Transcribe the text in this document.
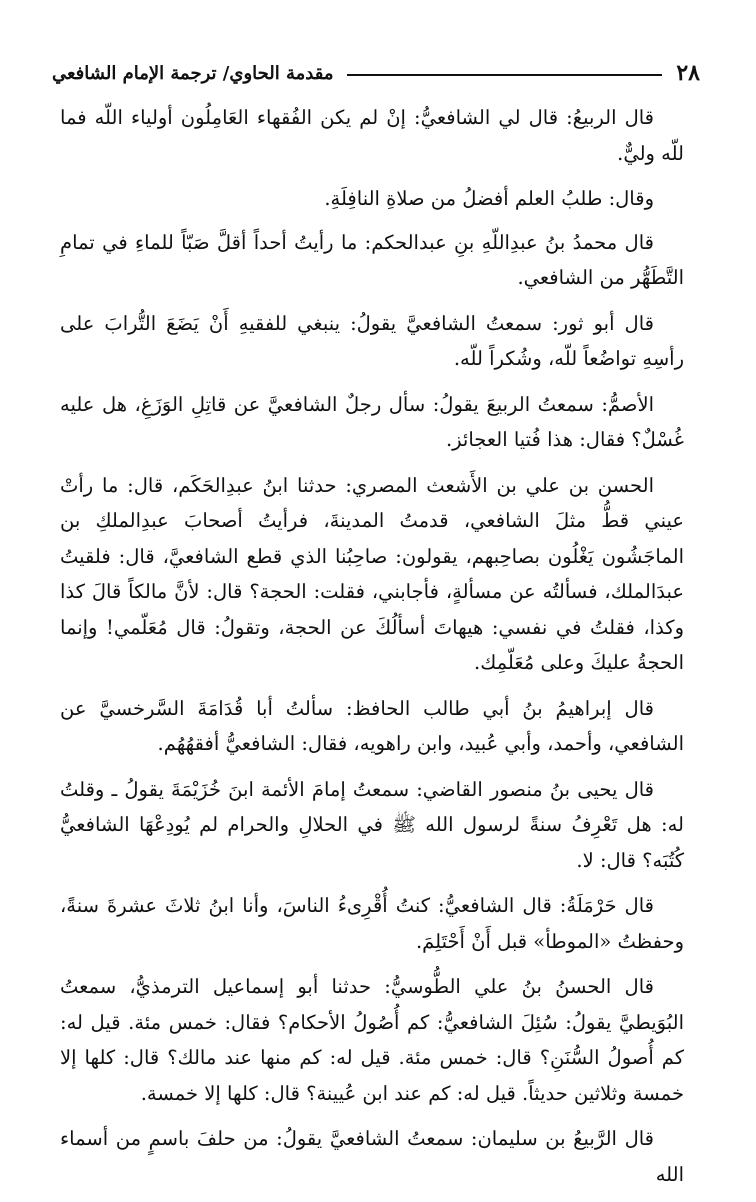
٢٨
مقدمة الحاوي/ ترجمة الإمام الشافعي

قال الربيعُ: قال لي الشافعيُّ: إنْ لم يكن الفُقهاء العَامِلُون أولياء اللّه فما للّه وليٌّ.

وقال: طلبُ العلم أفضلُ من صلاةِ النافِلَةِ.

قال محمدُ بنُ عبدِاللّهِ بنِ عبدالحكم: ما رأيتُ أحداً أقلَّ صَبّاً للماءِ في تمامِ التَّطَهُّر من الشافعي.

قال أبو ثور: سمعتُ الشافعيَّ يقولُ: ينبغي للفقيهِ أَنْ يَضَعَ التُّرابَ على رأسِهِ تواضُعاً للّه، وشُكراً للّه.

الأصمُّ: سمعتُ الربيعَ يقولُ: سأل رجلٌ الشافعيَّ عن قاتِلِ الوَزَغِ، هل عليه غُسْلٌ؟ فقال: هذا فُتيا العجائز.

الحسن بن علي بن الأَشعث المصري: حدثنا ابنُ عبدِالحَكَم، قال: ما رأتْ عيني قطُّ مثلَ الشافعي، قدمتُ المدينةَ، فرأيتُ أصحابَ عبدِالملكِ بن الماجَشُون يَغْلُون بصاحِبهم، يقولون: صاحِبُنا الذي قطع الشافعيَّ، قال: فلقيتُ عبدَالملك، فسألتُه عن مسألةٍ، فأجابني، فقلت: الحجة؟ قال: لأنَّ مالكاً قالَ كذا وكذا، فقلتُ في نفسي: هيهاتَ أسألُكَ عن الحجة، وتقولُ: قال مُعَلّمي! وإنما الحجةُ عليكَ وعلى مُعَلّمِك.

قال إبراهيمُ بنُ أبي طالب الحافظ: سألتُ أبا قُدَامَةَ السَّرخسيَّ عن الشافعي، وأحمد، وأبي عُبيد، وابن راهويه، فقال: الشافعيُّ أفقهُهُم.

قال يحيى بنُ منصور القاضي: سمعتُ إمامَ الأئمة ابنَ خُزَيْمَةَ يقولُ ـ وقلتُ له: هل تَعْرِفُ سنةً لرسول الله ﷺ في الحلالِ والحرام لم يُودِعْهَا الشافعيُّ كُتُبَه؟ قال: لا.

قال حَرْمَلَةُ: قال الشافعيُّ: كنتُ أُقْرِىءُ الناسَ، وأنا ابنُ ثلاثَ عشرةَ سنةً، وحفظتُ «الموطأ» قبل أَنْ أَحْتَلِمَ.

قال الحسنُ بنُ علي الطُّوسيُّ: حدثنا أبو إسماعيل الترمذيُّ، سمعتُ البُوَيطيَّ يقولُ: سُئِلَ الشافعيُّ: كم أُصُولُ الأحكام؟ فقال: خمس مئة. قيل له: كم أُصولُ السُّنَنِ؟ قال: خمس مئة. قيل له: كم منها عند مالك؟ قال: كلها إلا خمسة وثلاثين حديثاً. قيل له: كم عند ابن عُيينة؟ قال: كلها إلا خمسة.

قال الرَّبيعُ بن سليمان: سمعتُ الشافعيَّ يقولُ: من حلفَ باسمٍ من أسماء الله
